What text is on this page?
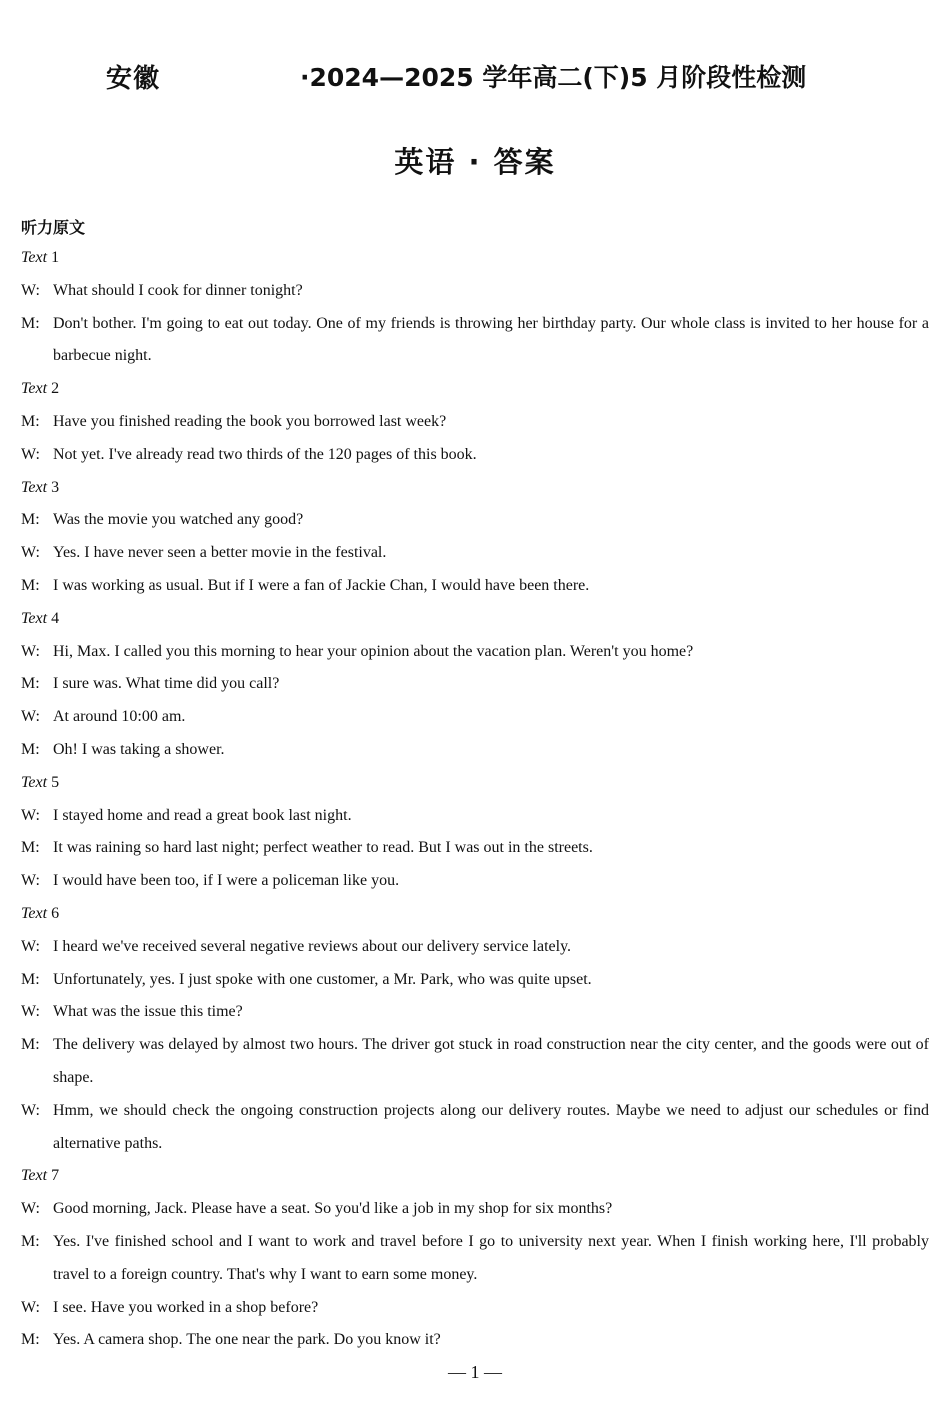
安徽	·2024—2025 学年高二(下)5 月阶段性检测
英语 · 答案
听力原文
Text 1
W: What should I cook for dinner tonight?
M: Don't bother. I'm going to eat out today. One of my friends is throwing her birthday party. Our whole class is invited to her house for a barbecue night.
Text 2
M: Have you finished reading the book you borrowed last week?
W: Not yet. I've already read two thirds of the 120 pages of this book.
Text 3
M: Was the movie you watched any good?
W: Yes. I have never seen a better movie in the festival.
M: I was working as usual. But if I were a fan of Jackie Chan, I would have been there.
Text 4
W: Hi, Max. I called you this morning to hear your opinion about the vacation plan. Weren't you home?
M: I sure was. What time did you call?
W: At around 10:00 am.
M: Oh! I was taking a shower.
Text 5
W: I stayed home and read a great book last night.
M: It was raining so hard last night; perfect weather to read. But I was out in the streets.
W: I would have been too, if I were a policeman like you.
Text 6
W: I heard we've received several negative reviews about our delivery service lately.
M: Unfortunately, yes. I just spoke with one customer, a Mr. Park, who was quite upset.
W: What was the issue this time?
M: The delivery was delayed by almost two hours. The driver got stuck in road construction near the city center, and the goods were out of shape.
W: Hmm, we should check the ongoing construction projects along our delivery routes. Maybe we need to adjust our schedules or find alternative paths.
Text 7
W: Good morning, Jack. Please have a seat. So you'd like a job in my shop for six months?
M: Yes. I've finished school and I want to work and travel before I go to university next year. When I finish working here, I'll probably travel to a foreign country. That's why I want to earn some money.
W: I see. Have you worked in a shop before?
M: Yes. A camera shop. The one near the park. Do you know it?
— 1 —
